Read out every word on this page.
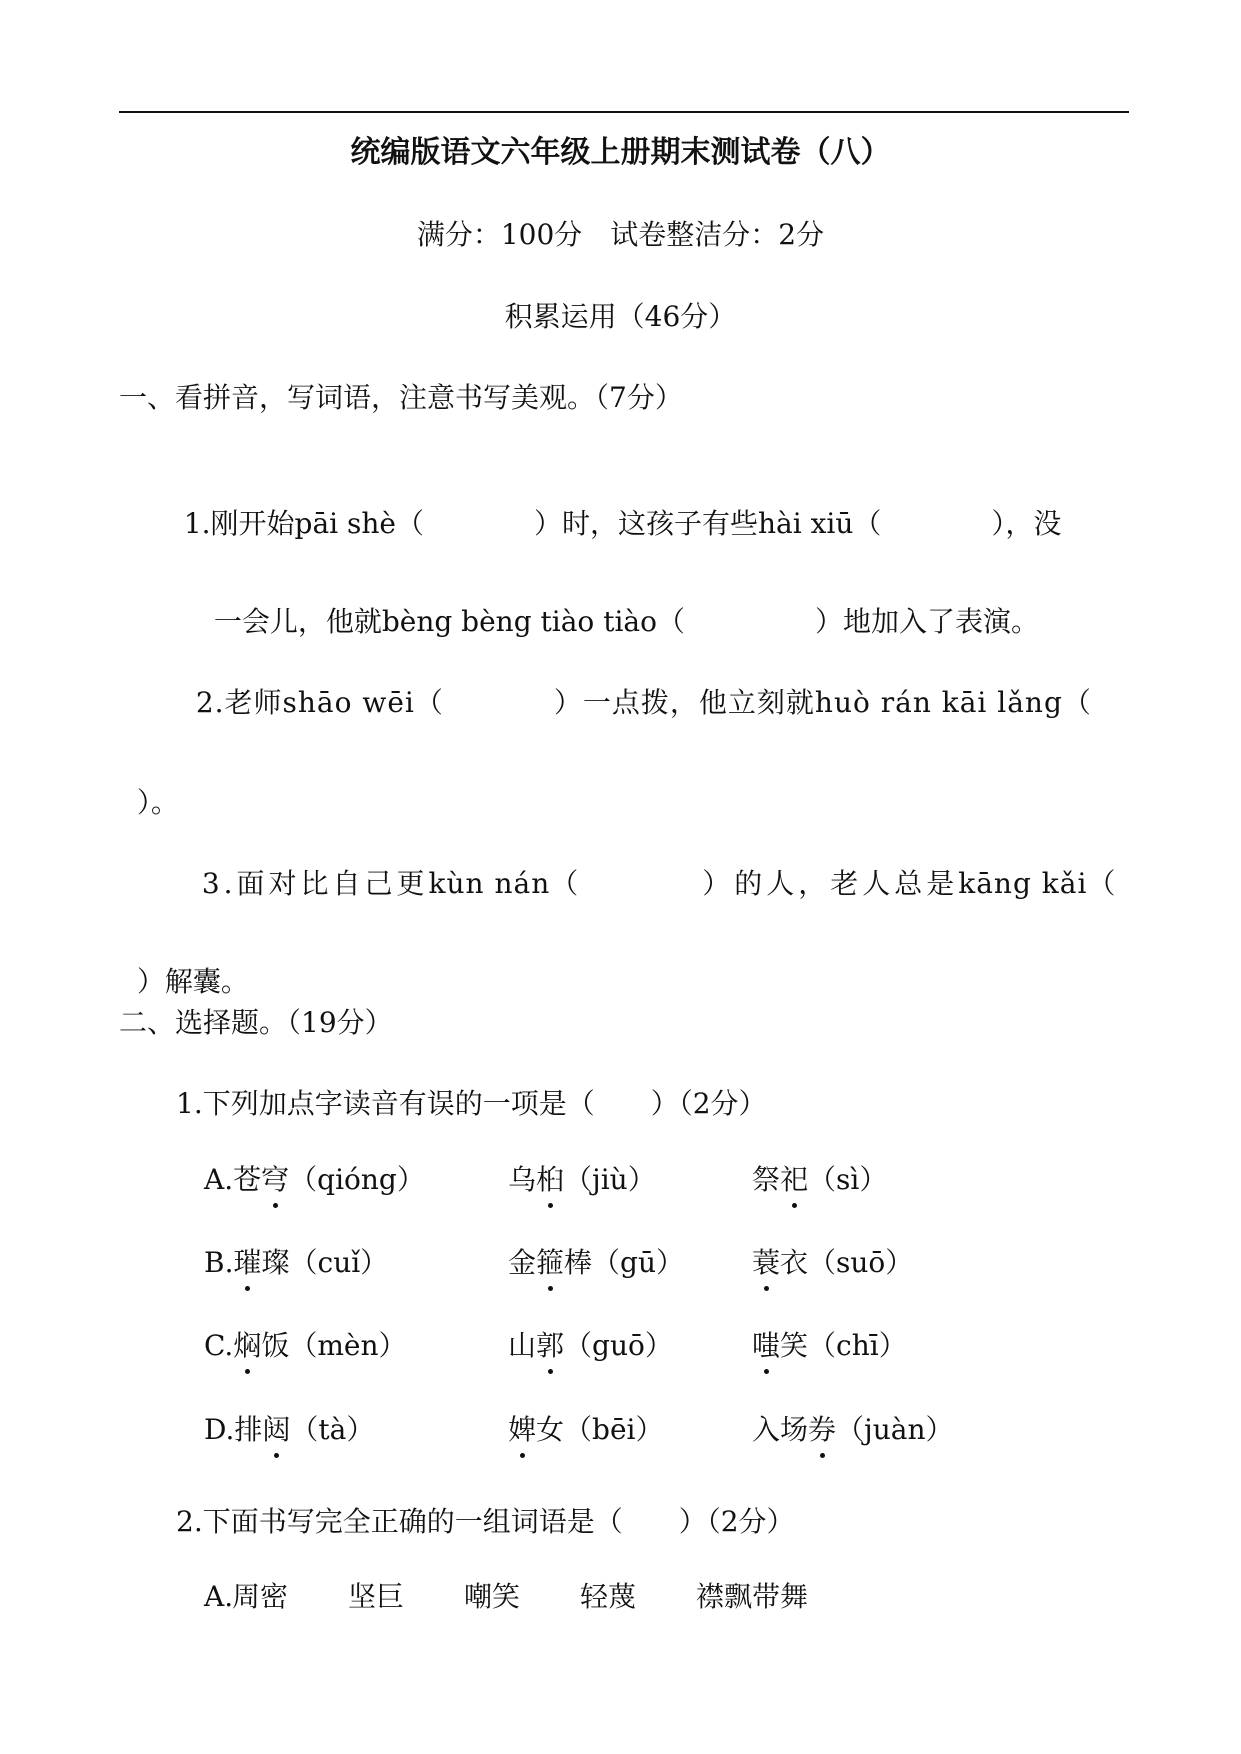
统编版语文六年级上册期末测试卷（八）
满分：100分　试卷整洁分：2分
积累运用（46分）
一、看拼音，写词语，注意书写美观。（7分）

1.刚开始pāi shè（	）时，这孩子有些hài xiū（	），没

一会儿，他就bèng bèng tiào tiào（	）地加入了表演。

2.老师shāo wēi（	）一点拨，他立刻就huò rán kāi lǎng（

）。

3.面对比自己更kùn nán（	）的人，老人总是kāng kǎi（

）解囊。

二、选择题。（19分）
1.下列加点字读音有误的一项是（　　）（2分）
A.苍穹（qióng）	乌桕（jiù）	祭祀（sì）
B.璀璨（cuǐ）	金箍棒（gū） 蓑衣（suō）
C.焖饭（mèn）	山郭（guō）	嗤笑（chī）
D.排闼（tà）	婢女（bēi）	入场券（juàn）
2.下面书写完全正确的一组词语是（　　）（2分）
A.
周密 坚巨 嘲笑 轻蔑 襟飘带舞
